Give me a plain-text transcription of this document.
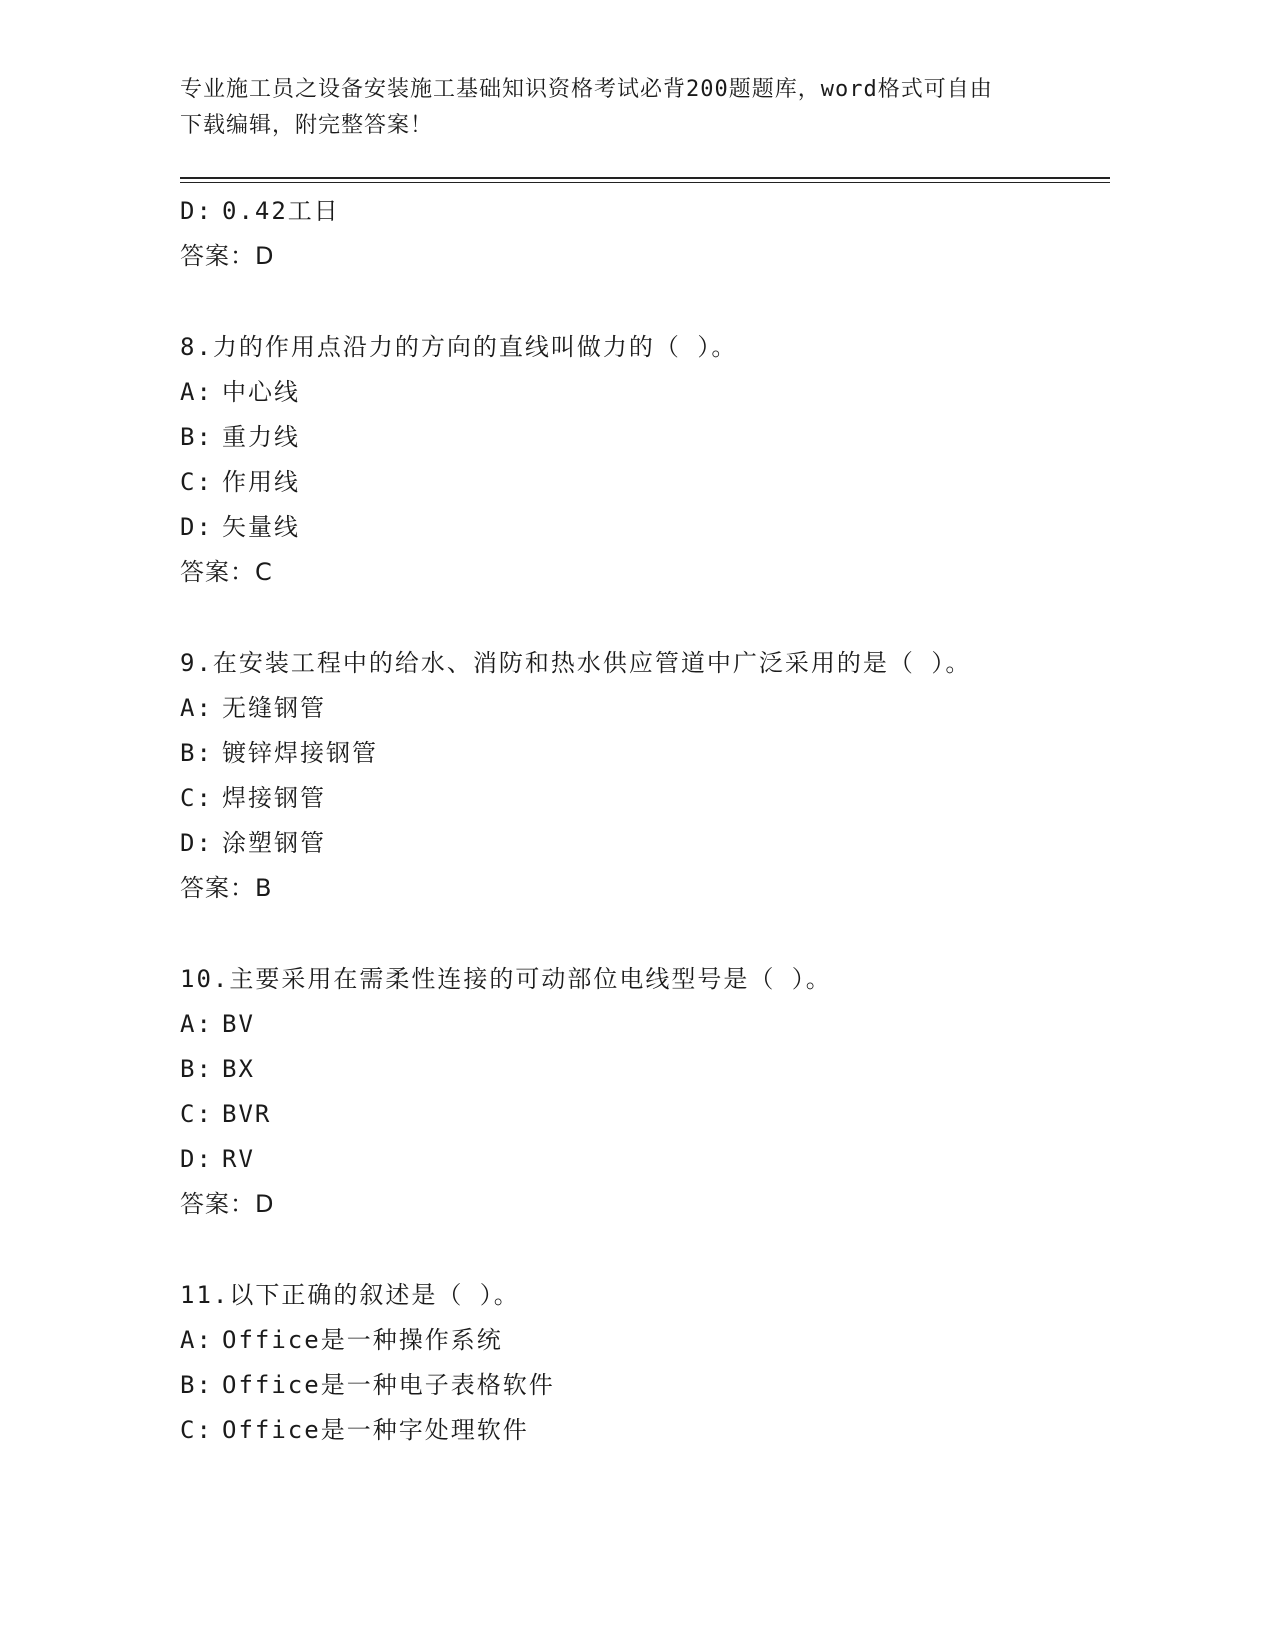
专业施工员之设备安装施工基础知识资格考试必背200题题库，word格式可自由
下载编辑，附完整答案！
D: 0.42工日
答案：D
8.力的作用点沿力的方向的直线叫做力的（ ）。
A: 中心线
B: 重力线
C: 作用线
D: 矢量线
答案：C
9.在安装工程中的给水、消防和热水供应管道中广泛采用的是（ ）。
A: 无缝钢管
B: 镀锌焊接钢管
C: 焊接钢管
D: 涂塑钢管
答案：B
10.主要采用在需柔性连接的可动部位电线型号是（ ）。
A: BV
B: BX
C: BVR
D: RV
答案：D
11.以下正确的叙述是（ ）。
A: Office是一种操作系统
B: Office是一种电子表格软件
C: Office是一种字处理软件
